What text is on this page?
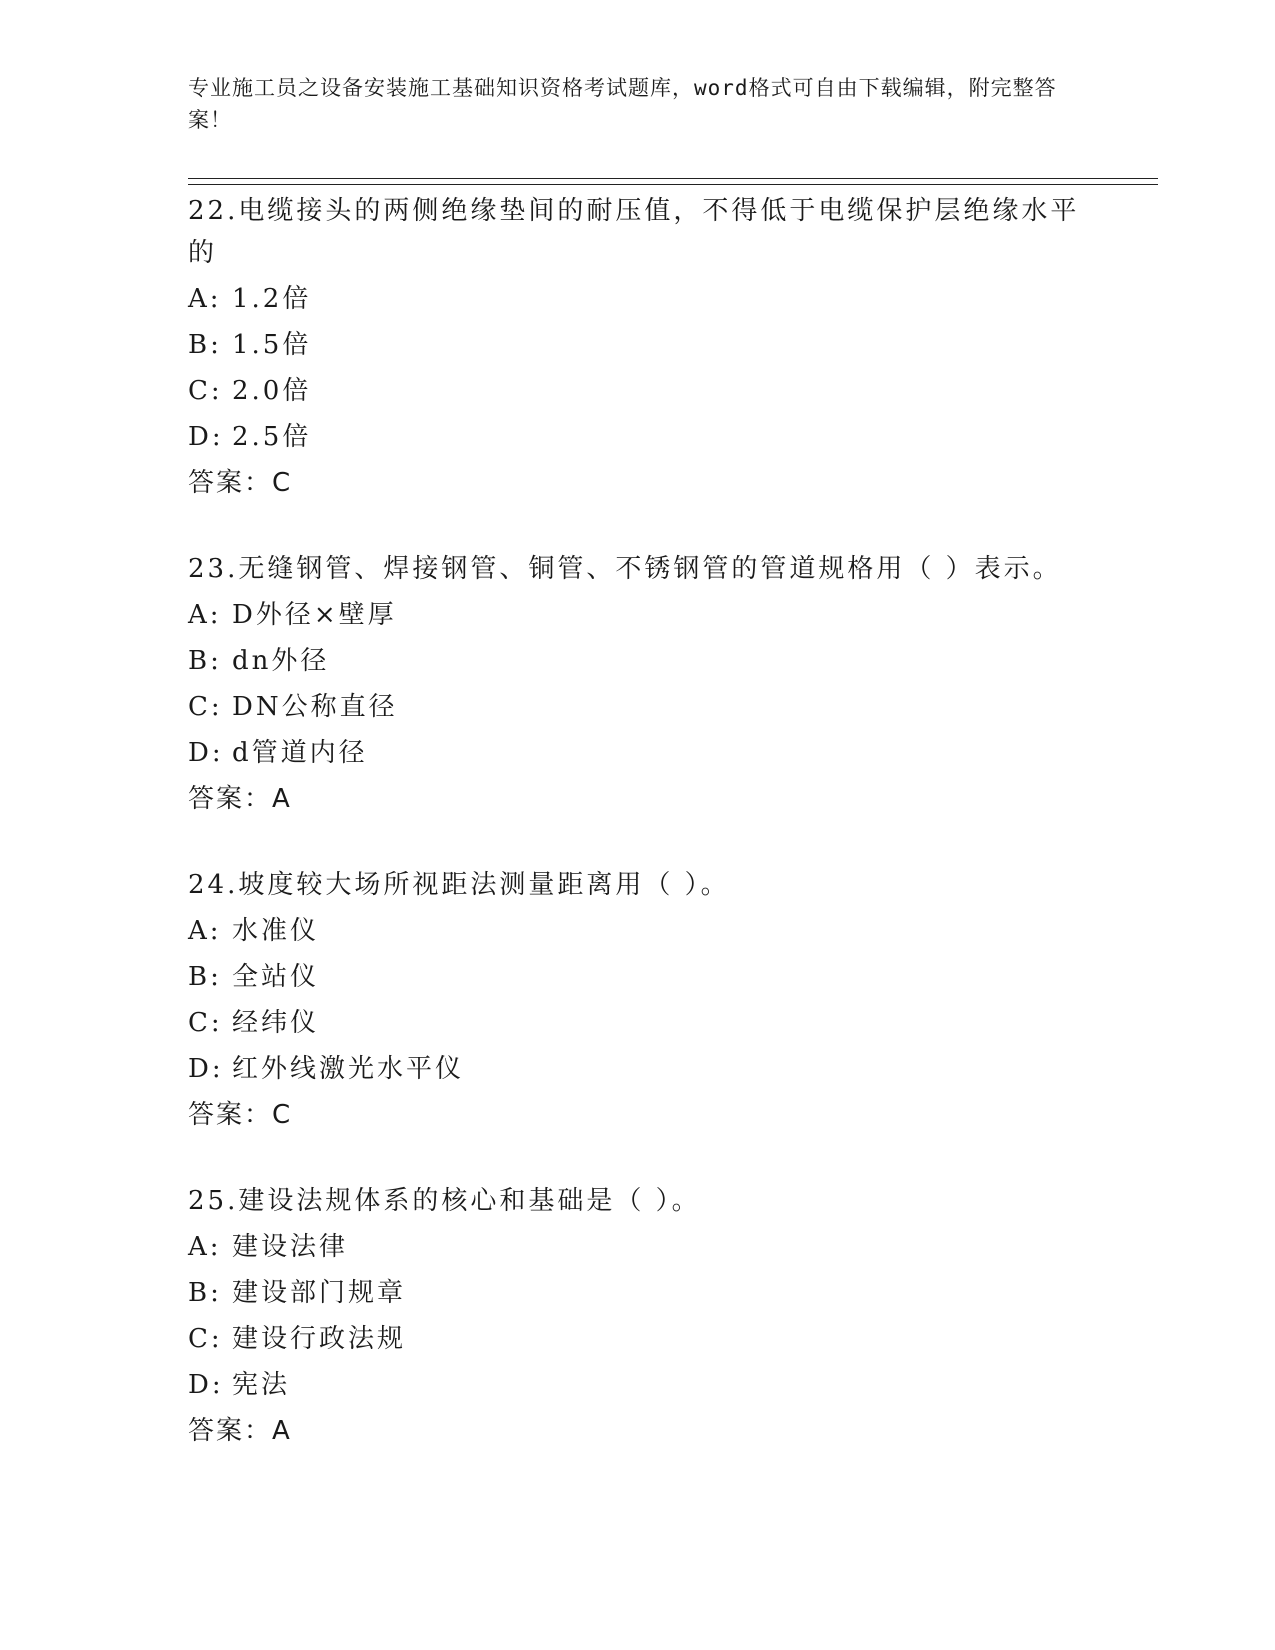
专业施工员之设备安装施工基础知识资格考试题库，word格式可自由下载编辑，附完整答案！

22.电缆接头的两侧绝缘垫间的耐压值，不得低于电缆保护层绝缘水平的

A: 1.2倍
B: 1.5倍
C: 2.0倍
D: 2.5倍
答案：C

23.无缝钢管、焊接钢管、铜管、不锈钢管的管道规格用（ ）表示。

A: D外径×壁厚
B: dn外径
C: DN公称直径
D: d管道内径
答案：A

24.坡度较大场所视距法测量距离用（ ）。

A: 水准仪
B: 全站仪
C: 经纬仪
D: 红外线激光水平仪
答案：C

25.建设法规体系的核心和基础是（ ）。

A: 建设法律
B: 建设部门规章
C: 建设行政法规
D: 宪法
答案：A
